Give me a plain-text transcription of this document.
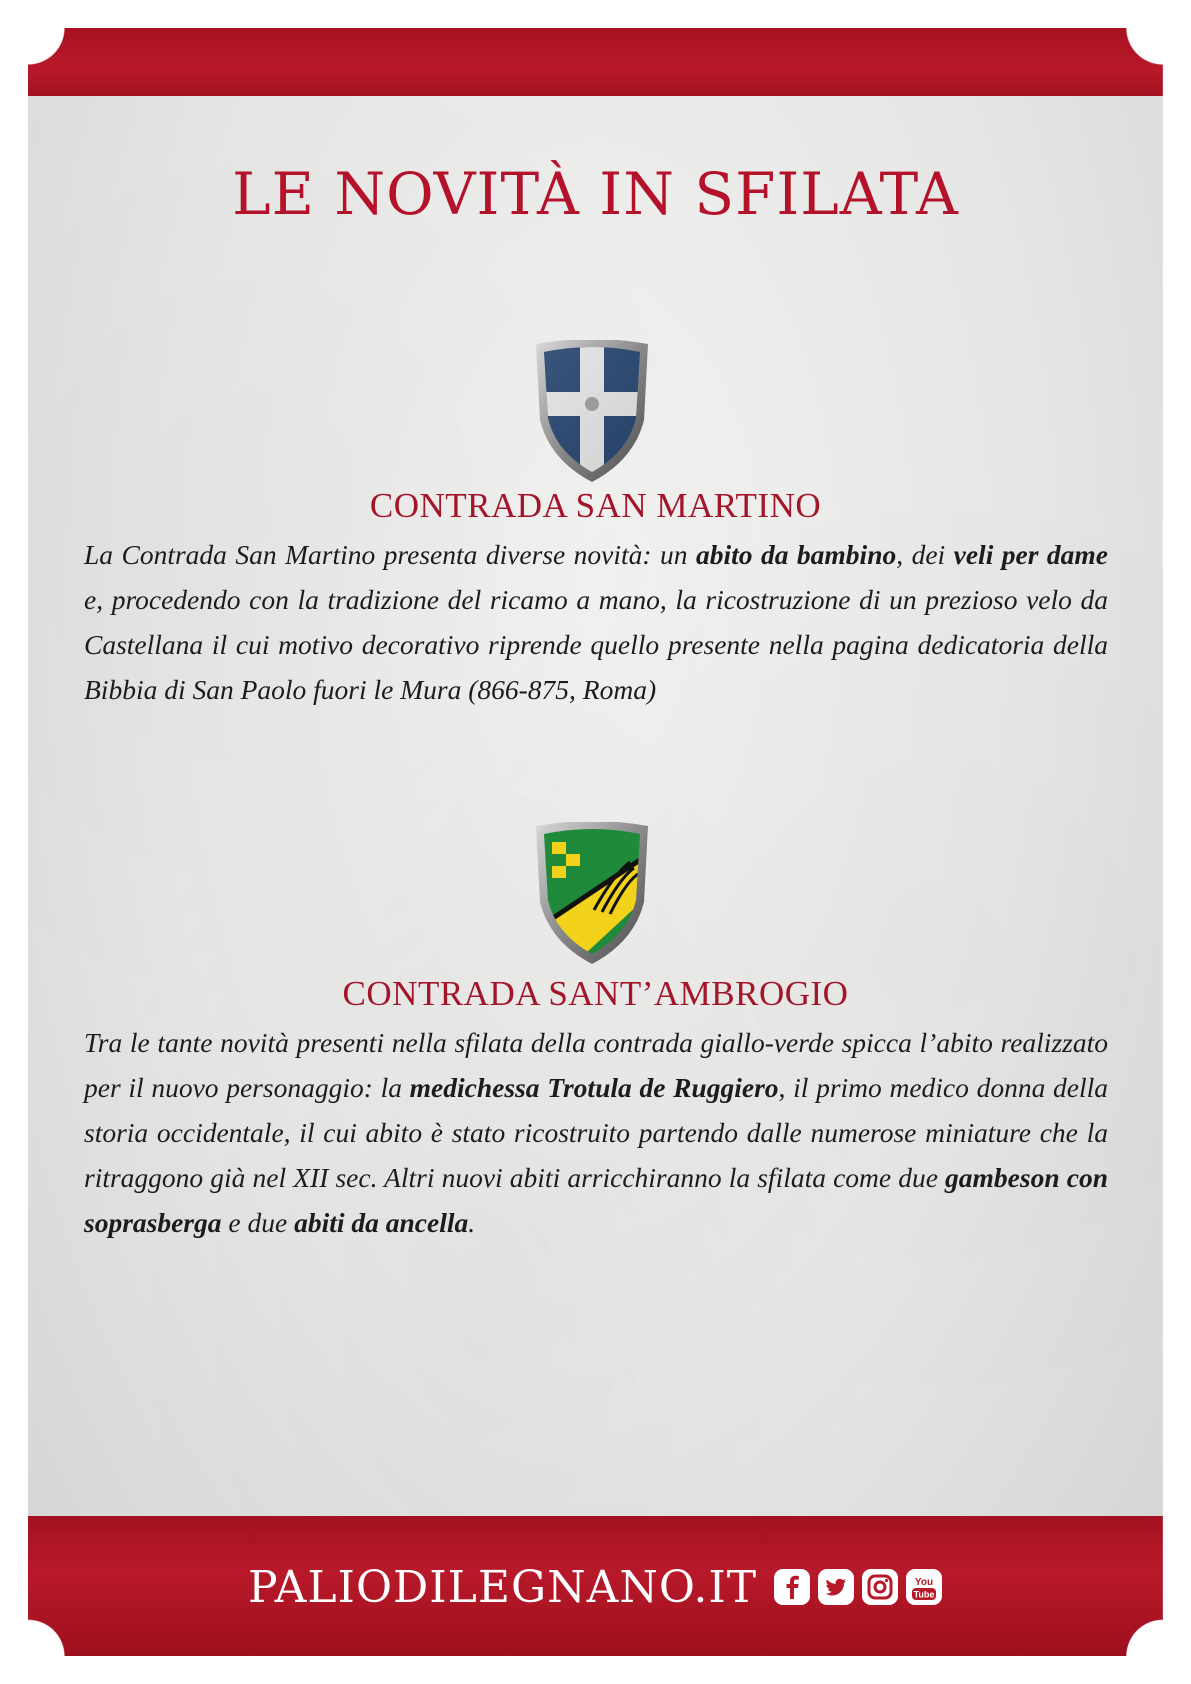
LE NOVITÀ IN SFILATA
CONTRADA SAN MARTINO

La Contrada San Martino presenta diverse novità: un abito da bambino, dei veli per dame e, procedendo con la tradizione del ricamo a mano, la ricostruzione di un prezioso velo da Castellana il cui motivo decorativo riprende quello presente nella pagina dedicatoria della Bibbia di San Paolo fuori le Mura (866-875, Roma)

CONTRADA SANT’AMBROGIO

Tra le tante novità presenti nella sfilata della contrada giallo-verde spicca l’abito realizzato per il nuovo personaggio: la medichessa Trotula de Ruggiero, il primo medico donna della storia occidentale, il cui abito è stato ricostruito partendo dalle numerose miniature che la ritraggono già nel XII sec. Altri nuovi abiti arricchiranno la sfilata come due gambeson con soprasberga e due abiti da ancella.

PALIODILEGNANO.IT	You
Tube
